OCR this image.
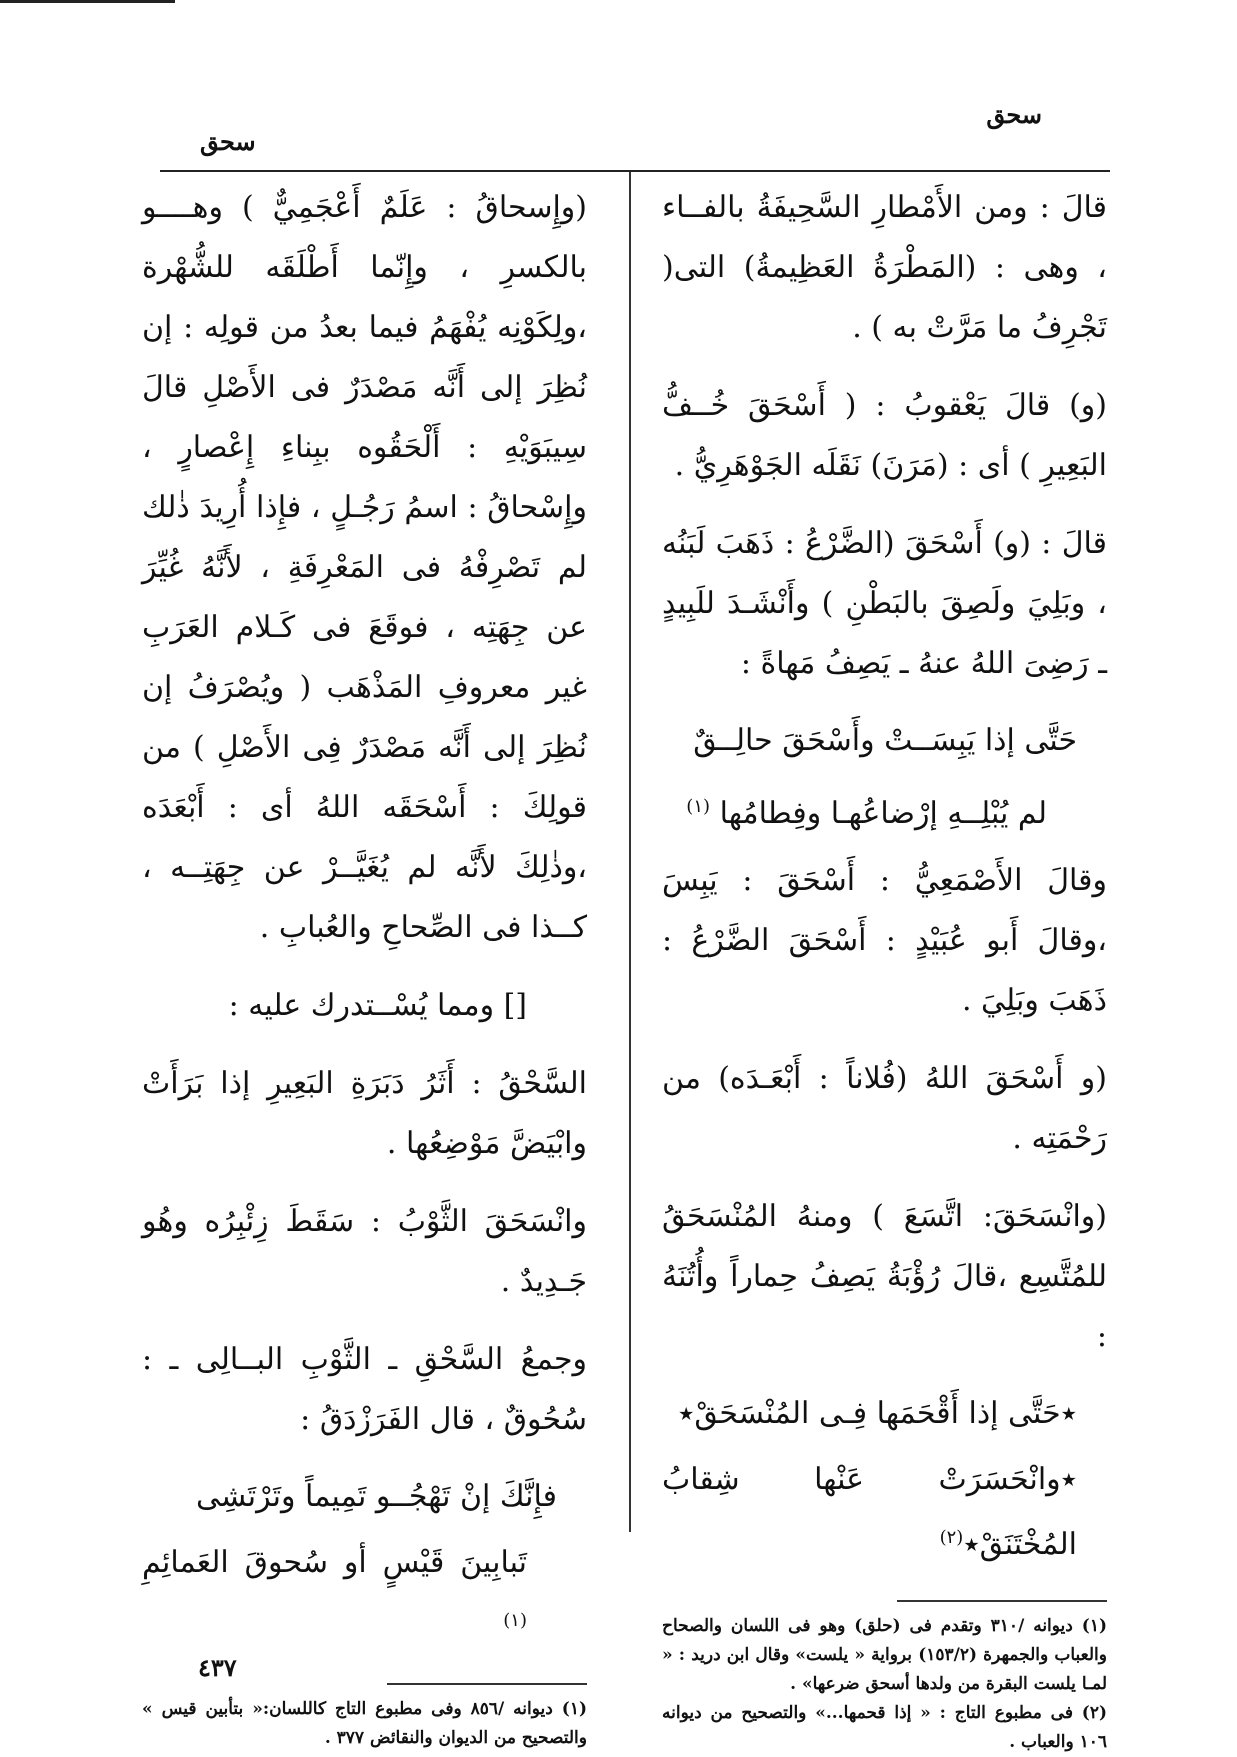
سحق
سحق

قالَ : ومن الأَمْطارِ السَّحِيفَةُ بالفــاء ، وهى : (المَطْرَةُ العَظِيمةُ) التى( تَجْرِفُ ما مَرَّتْ به ) .

(و) قالَ يَعْقوبُ : ( أَسْحَقَ خُــفُّ البَعِيرِ ) أى : (مَرَنَ) نَقَلَه الجَوْهَرِيُّ .

قالَ : (و) أَسْحَقَ (الضَّرْعُ : ذَهَبَ لَبَنُه ، وبَلِيَ ولَصِقَ بالبَطْنِ ) وأَنْشَـدَ للَبِيدٍ ـ رَضِىَ اللهُ عنهُ ـ يَصِفُ مَهاةً :

حَتَّى إذا يَبِسَــتْ وأَسْحَقَ حالِــقٌ

لم يُبْلِــهِ إرْضاعُهـا وفِطامُها $^{(١)}$

وقالَ الأَصْمَعِيُّ : أَسْحَقَ : يَبِسَ ،وقالَ أَبو عُبَيْدٍ : أَسْحَقَ الضَّرْعُ : ذَهَبَ وبَلِيَ .

(و أَسْحَقَ اللهُ (فُلاناً : أَبْعَـدَه) من رَحْمَتِه .

(وانْسَحَقَ: اتَّسَعَ ) ومنهُ المُنْسَحَقُ للمُتَّسِع ،قالَ رُؤْبَةُ يَصِفُ حِماراً وأُتُنَهُ :

٭حَتَّى إذا أَقْحَمَها فِـى المُنْسَحَقْ٭

٭وانْحَسَرَتْ عَنْها شِقابُ المُخْتَنَقْ٭$^{(٢)}$

(١) ديوانه /٣١٠ وتقدم فى (حلق) وهو فى اللسان والصحاح والعباب والجمهرة (١٥٣/٢) برواية « يلست» وقال ابن دريد : « لمـا يلست البقرة من ولدها أسحق ضرعها» .

(٢) فى مطبوع التاج : « إذا قحمها...» والتصحيح من ديوانه ١٠٦ والعباب .

(وإِسحاقُ : عَلَمٌ أَعْجَمِيٌّ ) وهــــو بالكسرِ ، وإِنّما أَطْلَقَه للشُّهْرة ،ولِكَوْنِه يُفْهَمُ فيما بعدُ من قولِه : إن نُظِرَ إلى أَنَّه مَصْدَرٌ فى الأَصْلِ قالَ سِيبَوَيْهِ : أَلْحَقُوه ببِناءِ إِعْصارٍ ، وإِسْحاقُ : اسمُ رَجُـلٍ ، فإِذا أُرِيدَ ذٰلك لم تَصْرِفْهُ فى المَعْرِفَةِ ، لأَنَّهُ غُيِّرَ عن جِهَتِه ، فوقَعَ فى كَـلام العَرَبِ غير معروفِ المَذْهَب ( ويُصْرَفُ إن نُظِرَ إلى أَنَّه مَصْدَرٌ فِى الأَصْلِ ) من قولِكَ : أَسْحَقَه اللهُ أى : أَبْعَدَه ،وذٰلِكَ لأَنَّه لم يُغَيَّــرْ عن جِهَتِــه ، كــذا فى الصِّحاحِ والعُبابِ .

[] ومما يُسْــتدرك عليه :

السَّحْقُ : أَثَرُ دَبَرَةِ البَعِيرِ إذا بَرَأَتْ وابْيَضَّ مَوْضِعُها .

وانْسَحَقَ الثَّوْبُ : سَقَطَ زِئْبِرُه وهُو جَـدِيدٌ .

وجمعُ السَّحْقِ ـ الثَّوْبِ البــالِى ـ : سُحُوقٌ ، قال الفَرَزْدَقُ :

فإِنَّكَ إنْ تَهْجُــو تَمِيماً وتَرْتَشِى

تَبابِينَ قَيْسٍ أو سُحوقَ العَمائِمِ $^{(١)}$

(١) ديوانه /٨٥٦ وفى مطبوع التاج كاللسان:« بتأبين قيس » والتصحيح من الديوان والنقائض ٣٧٧ .

٤٣٧
